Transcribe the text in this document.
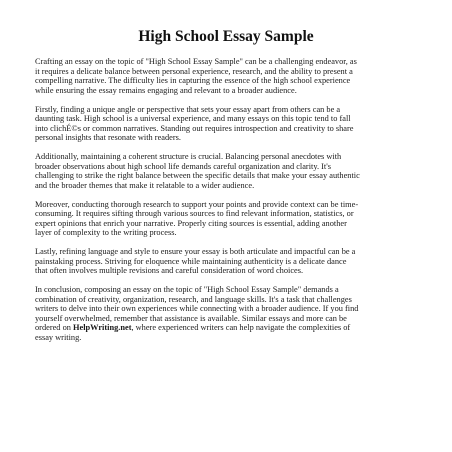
High School Essay Sample

Crafting an essay on the topic of "High School Essay Sample" can be a challenging endeavor, as
it requires a delicate balance between personal experience, research, and the ability to present a
compelling narrative. The difficulty lies in capturing the essence of the high school experience
while ensuring the essay remains engaging and relevant to a broader audience.

Firstly, finding a unique angle or perspective that sets your essay apart from others can be a
daunting task. High school is a universal experience, and many essays on this topic tend to fall
into clichÉ©s or common narratives. Standing out requires introspection and creativity to share
personal insights that resonate with readers.

Additionally, maintaining a coherent structure is crucial. Balancing personal anecdotes with
broader observations about high school life demands careful organization and clarity. It's
challenging to strike the right balance between the specific details that make your essay authentic
and the broader themes that make it relatable to a wider audience.

Moreover, conducting thorough research to support your points and provide context can be time-
consuming. It requires sifting through various sources to find relevant information, statistics, or
expert opinions that enrich your narrative. Properly citing sources is essential, adding another
layer of complexity to the writing process.

Lastly, refining language and style to ensure your essay is both articulate and impactful can be a
painstaking process. Striving for eloquence while maintaining authenticity is a delicate dance
that often involves multiple revisions and careful consideration of word choices.

In conclusion, composing an essay on the topic of "High School Essay Sample" demands a
combination of creativity, organization, research, and language skills. It's a task that challenges
writers to delve into their own experiences while connecting with a broader audience. If you find
yourself overwhelmed, remember that assistance is available. Similar essays and more can be
ordered on HelpWriting.net, where experienced writers can help navigate the complexities of
essay writing.
